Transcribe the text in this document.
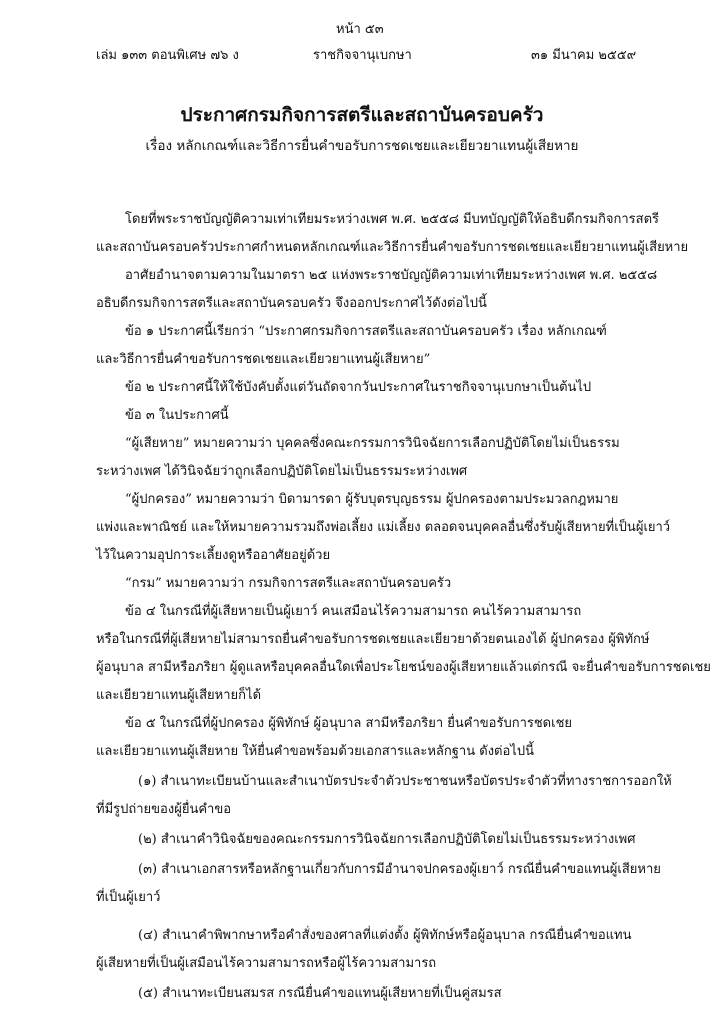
หน้า ๕๓
เล่ม ๑๓๓ ตอนพิเศษ ๗๖ ง	ราชกิจจานุเบกษา	๓๑ มีนาคม ๒๕๕๙
ประกาศกรมกิจการสตรีและสถาบันครอบครัว
เรื่อง หลักเกณฑ์และวิธีการยื่นคำขอรับการชดเชยและเยียวยาแทนผู้เสียหาย
โดยที่พระราชบัญญัติความเท่าเทียมระหว่างเพศ พ.ศ. ๒๕๕๘ มีบทบัญญัติให้อธิบดีกรมกิจการสตรี
และสถาบันครอบครัวประกาศกำหนดหลักเกณฑ์และวิธีการยื่นคำขอรับการชดเชยและเยียวยาแทนผู้เสียหาย
อาศัยอำนาจตามความในมาตรา ๒๕ แห่งพระราชบัญญัติความเท่าเทียมระหว่างเพศ พ.ศ. ๒๕๕๘
อธิบดีกรมกิจการสตรีและสถาบันครอบครัว จึงออกประกาศไว้ดังต่อไปนี้
ข้อ ๑ ประกาศนี้เรียกว่า “ประกาศกรมกิจการสตรีและสถาบันครอบครัว เรื่อง หลักเกณฑ์
และวิธีการยื่นคำขอรับการชดเชยและเยียวยาแทนผู้เสียหาย”
ข้อ ๒ ประกาศนี้ให้ใช้บังคับตั้งแต่วันถัดจากวันประกาศในราชกิจจานุเบกษาเป็นต้นไป
ข้อ ๓ ในประกาศนี้
“ผู้เสียหาย” หมายความว่า บุคคลซึ่งคณะกรรมการวินิจฉัยการเลือกปฏิบัติโดยไม่เป็นธรรม
ระหว่างเพศ ได้วินิจฉัยว่าถูกเลือกปฏิบัติโดยไม่เป็นธรรมระหว่างเพศ
“ผู้ปกครอง” หมายความว่า บิดามารดา ผู้รับบุตรบุญธรรม ผู้ปกครองตามประมวลกฎหมาย
แพ่งและพาณิชย์ และให้หมายความรวมถึงพ่อเลี้ยง แม่เลี้ยง ตลอดจนบุคคลอื่นซึ่งรับผู้เสียหายที่เป็นผู้เยาว์
ไว้ในความอุปการะเลี้ยงดูหรืออาศัยอยู่ด้วย
“กรม” หมายความว่า กรมกิจการสตรีและสถาบันครอบครัว
ข้อ ๔ ในกรณีที่ผู้เสียหายเป็นผู้เยาว์ คนเสมือนไร้ความสามารถ คนไร้ความสามารถ
หรือในกรณีที่ผู้เสียหายไม่สามารถยื่นคำขอรับการชดเชยและเยียวยาด้วยตนเองได้ ผู้ปกครอง ผู้พิทักษ์
ผู้อนุบาล สามีหรือภริยา ผู้ดูแลหรือบุคคลอื่นใดเพื่อประโยชน์ของผู้เสียหายแล้วแต่กรณี จะยื่นคำขอรับการชดเชย
และเยียวยาแทนผู้เสียหายก็ได้
ข้อ ๕ ในกรณีที่ผู้ปกครอง ผู้พิทักษ์ ผู้อนุบาล สามีหรือภริยา ยื่นคำขอรับการชดเชย
และเยียวยาแทนผู้เสียหาย ให้ยื่นคำขอพร้อมด้วยเอกสารและหลักฐาน ดังต่อไปนี้
(๑) สำเนาทะเบียนบ้านและสำเนาบัตรประจำตัวประชาชนหรือบัตรประจำตัวที่ทางราชการออกให้
ที่มีรูปถ่ายของผู้ยื่นคำขอ
(๒) สำเนาคำวินิจฉัยของคณะกรรมการวินิจฉัยการเลือกปฏิบัติโดยไม่เป็นธรรมระหว่างเพศ
(๓) สำเนาเอกสารหรือหลักฐานเกี่ยวกับการมีอำนาจปกครองผู้เยาว์ กรณียื่นคำขอแทนผู้เสียหาย
ที่เป็นผู้เยาว์
(๔) สำเนาคำพิพากษาหรือคำสั่งของศาลที่แต่งตั้ง ผู้พิทักษ์หรือผู้อนุบาล กรณียื่นคำขอแทน
ผู้เสียหายที่เป็นผู้เสมือนไร้ความสามารถหรือผู้ไร้ความสามารถ
(๕) สำเนาทะเบียนสมรส กรณียื่นคำขอแทนผู้เสียหายที่เป็นคู่สมรส
